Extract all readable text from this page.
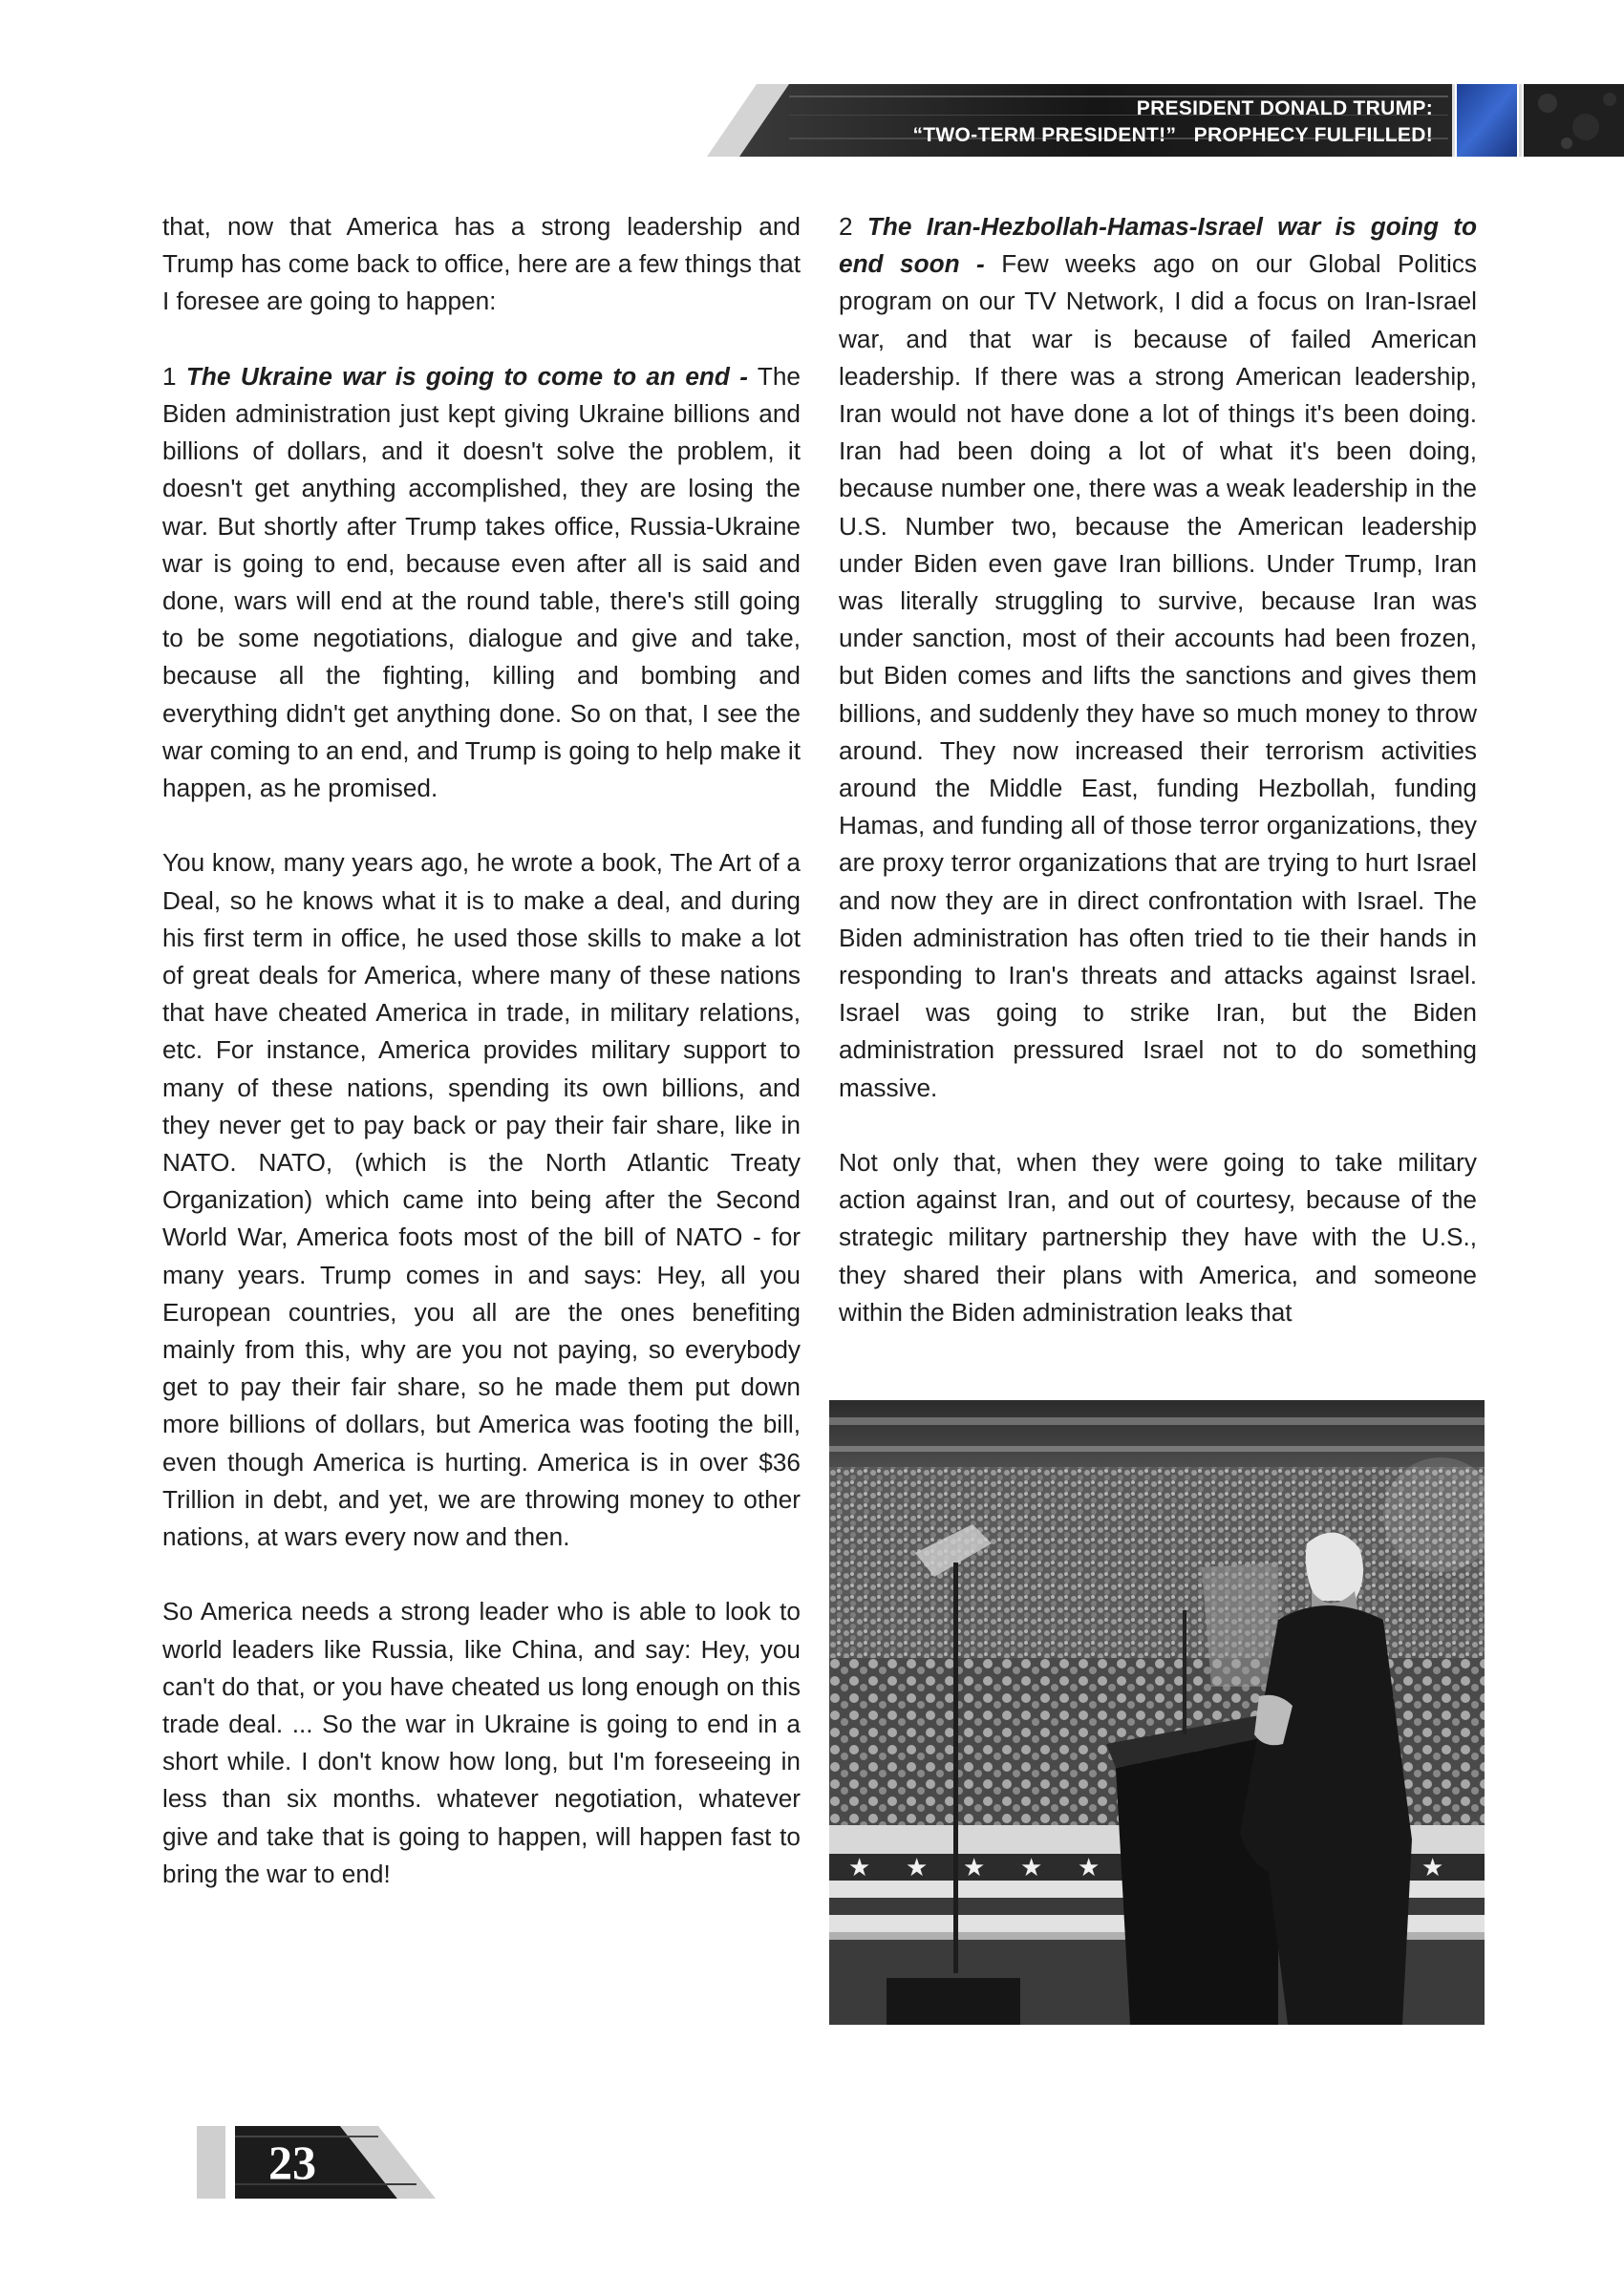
PRESIDENT DONALD TRUMP:
“TWO-TERM PRESIDENT!”   PROPHECY FULFILLED!

that, now that America has a strong leadership and Trump has come back to office, here are a few things that I foresee are going to happen:

1 The Ukraine war is going to come to an end - The Biden administration just kept giving Ukraine billions and billions of dollars, and it doesn't solve the problem, it doesn't get anything accomplished, they are losing the war. But shortly after Trump takes office, Russia-Ukraine war is going to end, because even after all is said and done, wars will end at the round table, there's still going to be some negotiations, dialogue and give and take, because all the fighting, killing and bombing and everything didn't get anything done. So on that, I see the war coming to an end, and Trump is going to help make it happen, as he promised.

You know, many years ago, he wrote a book, The Art of a Deal, so he knows what it is to make a deal, and during his first term in office, he used those skills to make a lot of great deals for America, where many of these nations that have cheated America in trade, in military relations, etc. For instance, America provides military support to many of these nations, spending its own billions, and they never get to pay back or pay their fair share, like in NATO. NATO, (which is the North Atlantic Treaty Organization) which came into being after the Second World War, America foots most of the bill of NATO - for many years. Trump comes in and says: Hey, all you European countries, you all are the ones benefiting mainly from this, why are you not paying, so everybody get to pay their fair share, so he made them put down more billions of dollars, but America was footing the bill, even though America is hurting. America is in over $36 Trillion in debt, and yet, we are throwing money to other nations, at wars every now and then.

So America needs a strong leader who is able to look to world leaders like Russia, like China, and say: Hey, you can't do that, or you have cheated us long enough on this trade deal. ... So the war in Ukraine is going to end in a short while. I don't know how long, but I'm foreseeing in less than six months. whatever negotiation, whatever give and take that is going to happen, will happen fast to bring the war to end!

2 The Iran-Hezbollah-Hamas-Israel war is going to end soon - Few weeks ago on our Global Politics program on our TV Network, I did a focus on Iran-Israel war, and that war is because of failed American leadership. If there was a strong American leadership, Iran would not have done a lot of things it's been doing. Iran had been doing a lot of what it's been doing, because number one, there was a weak leadership in the U.S. Number two, because the American leadership under Biden even gave Iran billions. Under Trump, Iran was literally struggling to survive, because Iran was under sanction, most of their accounts had been frozen, but Biden comes and lifts the sanctions and gives them billions, and suddenly they have so much money to throw around. They now increased their terrorism activities around the Middle East, funding Hezbollah, funding Hamas, and funding all of those terror organizations, they are proxy terror organizations that are trying to hurt Israel and now they are in direct confrontation with Israel. The Biden administration has often tried to tie their hands in responding to Iran's threats and attacks against Israel. Israel was going to strike Iran, but the Biden administration pressured Israel not to do something massive.

Not only that, when they were going to take military action against Iran, and out of courtesy, because of the strategic military partnership they have with the U.S., they shared their plans with America, and someone within the Biden administration leaks that

★ ★ ★ ★ ★	★
23
